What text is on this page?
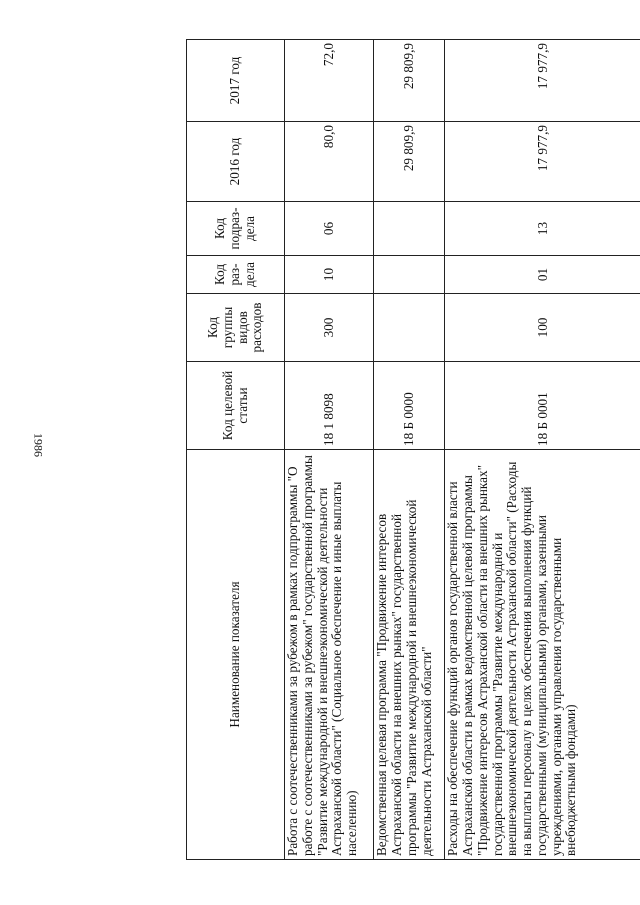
1986
Наименование показателя	Код целевой статьи	Код группы видов расходов	Код раз-дела	Код подраз-дела	2016 год	2017 год
Работа с соотечественниками за рубежом в рамках подпрограммы "О работе с соотечественниками за рубежом" государственной программы "Развитие международной и внешнеэкономической деятельности Астраханской области" (Социальное обеспечение и иные выплаты населению)	18 1 8098	300	10	06	80,0	72,0
Ведомственная целевая программа "Продвижение интересов Астраханской области на внешних рынках" государственной программы "Развитие международной и внешнеэкономической деятельности Астраханской области"	18 Б 0000				29 809,9	29 809,9
Расходы на обеспечение функций органов государственной власти Астраханской области в рамках ведомственной целевой программы "Продвижение интересов Астраханской области на внешних рынках" государственной программы "Развитие международной и внешнеэкономической деятельности Астраханской области" (Расходы на выплаты персоналу в целях обеспечения выполнения функций государственными (муниципальными) органами, казенными учреждениями, органами управления государственными внебюджетными фондами)	18 Б 0001	100	01	13	17 977,9	17 977,9
